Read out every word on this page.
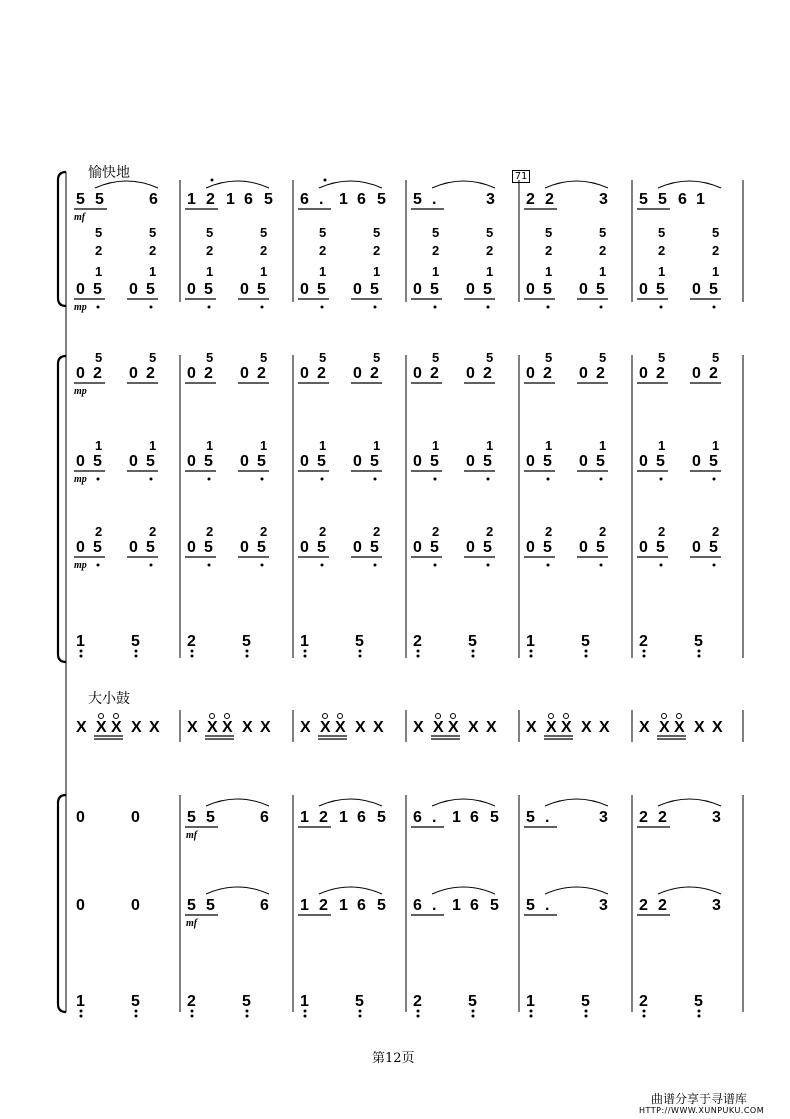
愉快地
大小鼓
71
第12页
曲谱分享于寻谱库
HTTP://WWW.XUNPUKU.COM
5 5	6 1 2 1 6 5 6 . 1 6 5 5 .	3 2 2	3 5 5 6 1
mf
5	5
2	2
1	1
0 5 0 5
5	5
2	2
1	1
0 5 0 5
5	5
2	2
1	1
0 5 0 5
5	5
2	2
1	1
0 5 0 5
5	5
2	2
1	1
0 5 0 5
5	5
2	2
1	1
0 5 0 5
mp
5	5
0 2 0 2
5	5
0 2 0 2
5	5
0 2 0 2
5	5
0 2 0 2
5	5
0 2 0 2
5	5
0 2 0 2
mp
1	1
0 5 0 5
1	1
0 5 0 5
1	1
0 5 0 5
1	1
0 5 0 5
1	1
0 5 0 5
1	1
0 5 0 5
mp
2	2
0 5 0 5
2	2
0 5 0 5
2	2
0 5 0 5
2	2
0 5 0 5
2	2
0 5 0 5
2	2
0 5 0 5
mp
1	5	2	5	1	5	2	5	1	5	2	5
1	5	2	5	1	5	2	5	1	5	2	5
X X X X X X X X X X X X X X X X X X X X X X X X X X X X X X
0	0	5 5	6 1 2 1 6 5 6 . 1 6 5 5 .	3 2 2	3
mf
0	0	5 5	6 1 2 1 6 5 6 . 1 6 5 5 .	3 2 2	3
mf
